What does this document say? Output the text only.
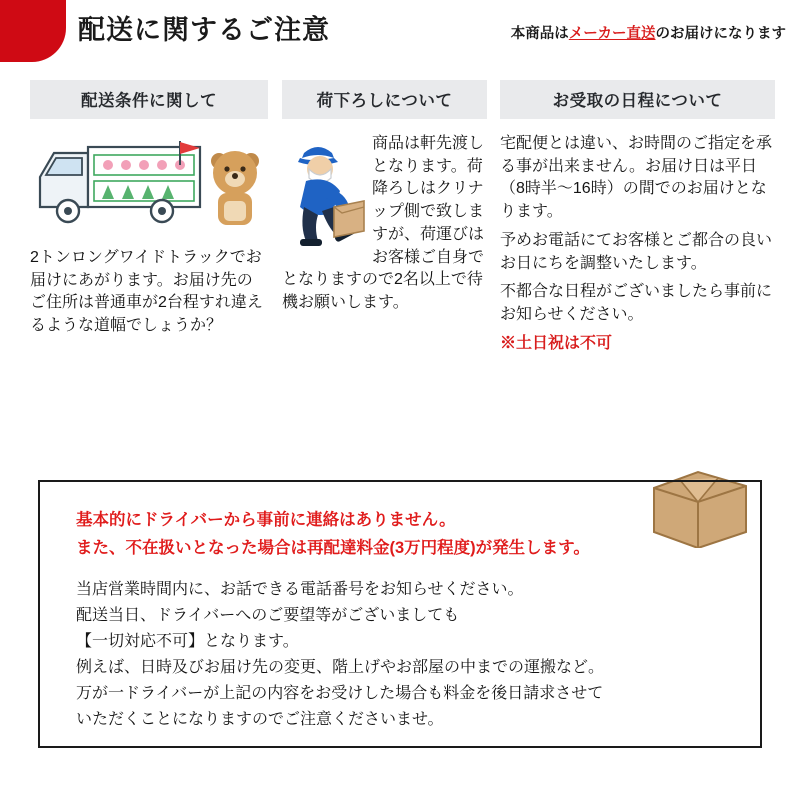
配送に関するご注意	本商品はメーカー直送のお届けになります
配送条件に関して

2トンロングワイドトラックでお届けにあがります。お届け先のご住所は普通車が2台程すれ違えるような道幅でしょうか？

荷下ろしについて

商品は軒先渡しとなります。荷降ろしはクリナップ側で致しますが、荷運びはお客様ご自身でとなりますので2名以上で待機お願いします。

お受取の日程について

宅配便とは違い、お時間のご指定を承る事が出来ません。お届け日は平日（8時半〜16時）の間でのお届けとなります。

予めお電話にてお客様とご都合の良いお日にちを調整いたします。

不都合な日程がございましたら事前にお知らせください。

※土日祝は不可

基本的にドライバーから事前に連絡はありません。
また、不在扱いとなった場合は再配達料金(3万円程度)が発生します。
当店営業時間内に、お話できる電話番号をお知らせください。
配送当日、ドライバーへのご要望等がございましても
【一切対応不可】となります。
例えば、日時及びお届け先の変更、階上げやお部屋の中までの運搬など。
万が一ドライバーが上記の内容をお受けした場合も料金を後日請求させて
いただくことになりますのでご注意くださいませ。
